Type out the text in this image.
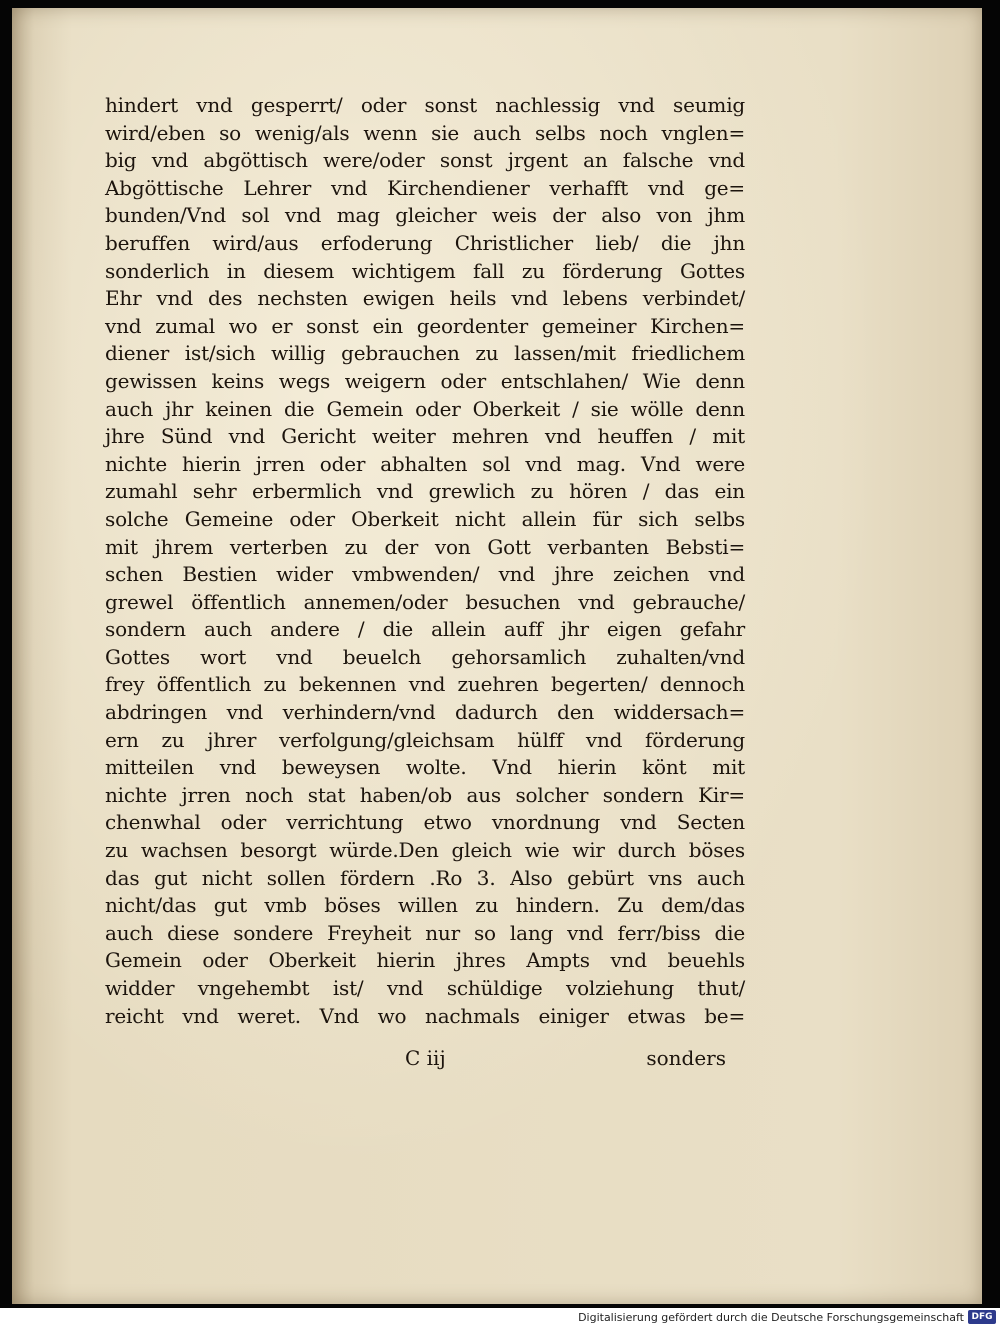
hindert vnd gesperrt/ oder sonst nachlessig vnd seumig
wird/eben so wenig/als wenn sie auch selbs noch vnglen=
big vnd abgöttisch were/oder sonst jrgent an falsche vnd
Abgöttische Lehrer vnd Kirchendiener verhafft vnd ge=
bunden/Vnd sol vnd mag gleicher weis der also von jhm
beruffen wird/aus erfoderung Christlicher lieb/ die jhn
sonderlich in diesem wichtigem fall zu förderung Gottes
Ehr vnd des nechsten ewigen heils vnd lebens verbindet/
vnd zumal wo er sonst ein geordenter gemeiner Kirchen=
diener ist/sich willig gebrauchen zu lassen/mit friedlichem
gewissen keins wegs weigern oder entschlahen/ Wie denn
auch jhr keinen die Gemein oder Oberkeit / sie wölle denn
jhre Sünd vnd Gericht weiter mehren vnd heuffen / mit
nichte hierin jrren oder abhalten sol vnd mag. Vnd were
zumahl sehr erbermlich vnd grewlich zu hören / das ein
solche Gemeine oder Oberkeit nicht allein für sich selbs
mit jhrem verterben zu der von Gott verbanten Bebsti=
schen Bestien wider vmbwenden/ vnd jhre zeichen vnd
grewel öffentlich annemen/oder besuchen vnd gebrauche/
sondern auch andere / die allein auff jhr eigen gefahr
Gottes wort vnd beuelch gehorsamlich zuhalten/vnd
frey öffentlich zu bekennen vnd zuehren begerten/ dennoch
abdringen vnd verhindern/vnd dadurch den widdersach=
ern zu jhrer verfolgung/gleichsam hülff vnd förderung
mitteilen vnd beweysen wolte. Vnd hierin könt mit
nichte jrren noch stat haben/ob aus solcher sondern Kir=
chenwhal oder verrichtung etwo vnordnung vnd Secten
zu wachsen besorgt würde.Den gleich wie wir durch böses
das gut nicht sollen fördern .Ro 3. Also gebürt vns auch
nicht/das gut vmb böses willen zu hindern. Zu dem/das
auch diese sondere Freyheit nur so lang vnd ferr/biss die
Gemein oder Oberkeit hierin jhres Ampts vnd beuehls
widder vngehembt ist/ vnd schüldige volziehung thut/
reicht vnd weret. Vnd wo nachmals einiger etwas be=
C iij	sonders
Digitalisierung gefördert durch die Deutsche Forschungsgemeinschaft DFG
